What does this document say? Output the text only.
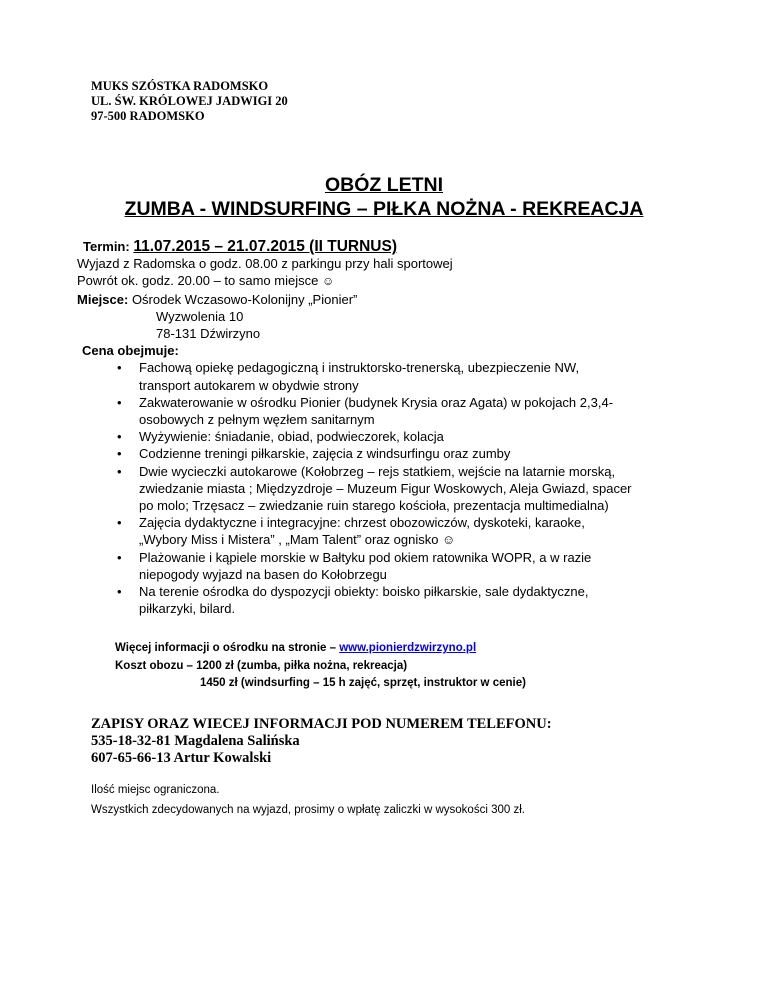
MUKS SZÓSTKA RADOMSKO
UL. ŚW. KRÓLOWEJ JADWIGI 20
97-500 RADOMSKO
OBÓZ LETNI
ZUMBA - WINDSURFING – PIŁKA NOŻNA - REKREACJA
Termin: 11.07.2015 – 21.07.2015 (II TURNUS)
Wyjazd z Radomska o godz. 08.00 z parkingu przy hali sportowej
Powrót ok. godz. 20.00 – to samo miejsce ☺
Miejsce: Ośrodek Wczasowo-Kolonijny „Pionier”
Wyzwolenia 10
78-131 Dźwirzyno
Cena obejmuje:
• Fachową opiekę pedagogiczną i instruktorsko-trenerską, ubezpieczenie NW,
transport autokarem w obydwie strony
• Zakwaterowanie w ośrodku Pionier (budynek Krysia oraz Agata) w pokojach 2,3,4-
osobowych z pełnym węzłem sanitarnym
• Wyżywienie: śniadanie, obiad, podwieczorek, kolacja
• Codzienne treningi piłkarskie, zajęcia z windsurfingu oraz zumby
• Dwie wycieczki autokarowe (Kołobrzeg – rejs statkiem, wejście na latarnie morską,
zwiedzanie miasta ; Międzyzdroje – Muzeum Figur Woskowych, Aleja Gwiazd, spacer
po molo; Trzęsacz – zwiedzanie ruin starego kościoła, prezentacja multimedialna)
• Zajęcia dydaktyczne i integracyjne: chrzest obozowiczów, dyskoteki, karaoke,
„Wybory Miss i Mistera” , „Mam Talent” oraz ognisko ☺
• Plażowanie i kąpiele morskie w Bałtyku pod okiem ratownika WOPR, a w razie
niepogody wyjazd na basen do Kołobrzegu
• Na terenie ośrodka do dyspozycji obiekty: boisko piłkarskie, sale dydaktyczne,
piłkarzyki, bilard.
Więcej informacji o ośrodku na stronie – www.pionierdzwirzyno.pl
Koszt obozu – 1200 zł (zumba, piłka nożna, rekreacja)
1450 zł (windsurfing – 15 h zajęć, sprzęt, instruktor w cenie)
ZAPISY ORAZ WIECEJ INFORMACJI POD NUMEREM TELEFONU:
535-18-32-81 Magdalena Salińska
607-65-66-13 Artur Kowalski
Ilość miejsc ograniczona.
Wszystkich zdecydowanych na wyjazd, prosimy o wpłatę zaliczki w wysokości 300 zł.
